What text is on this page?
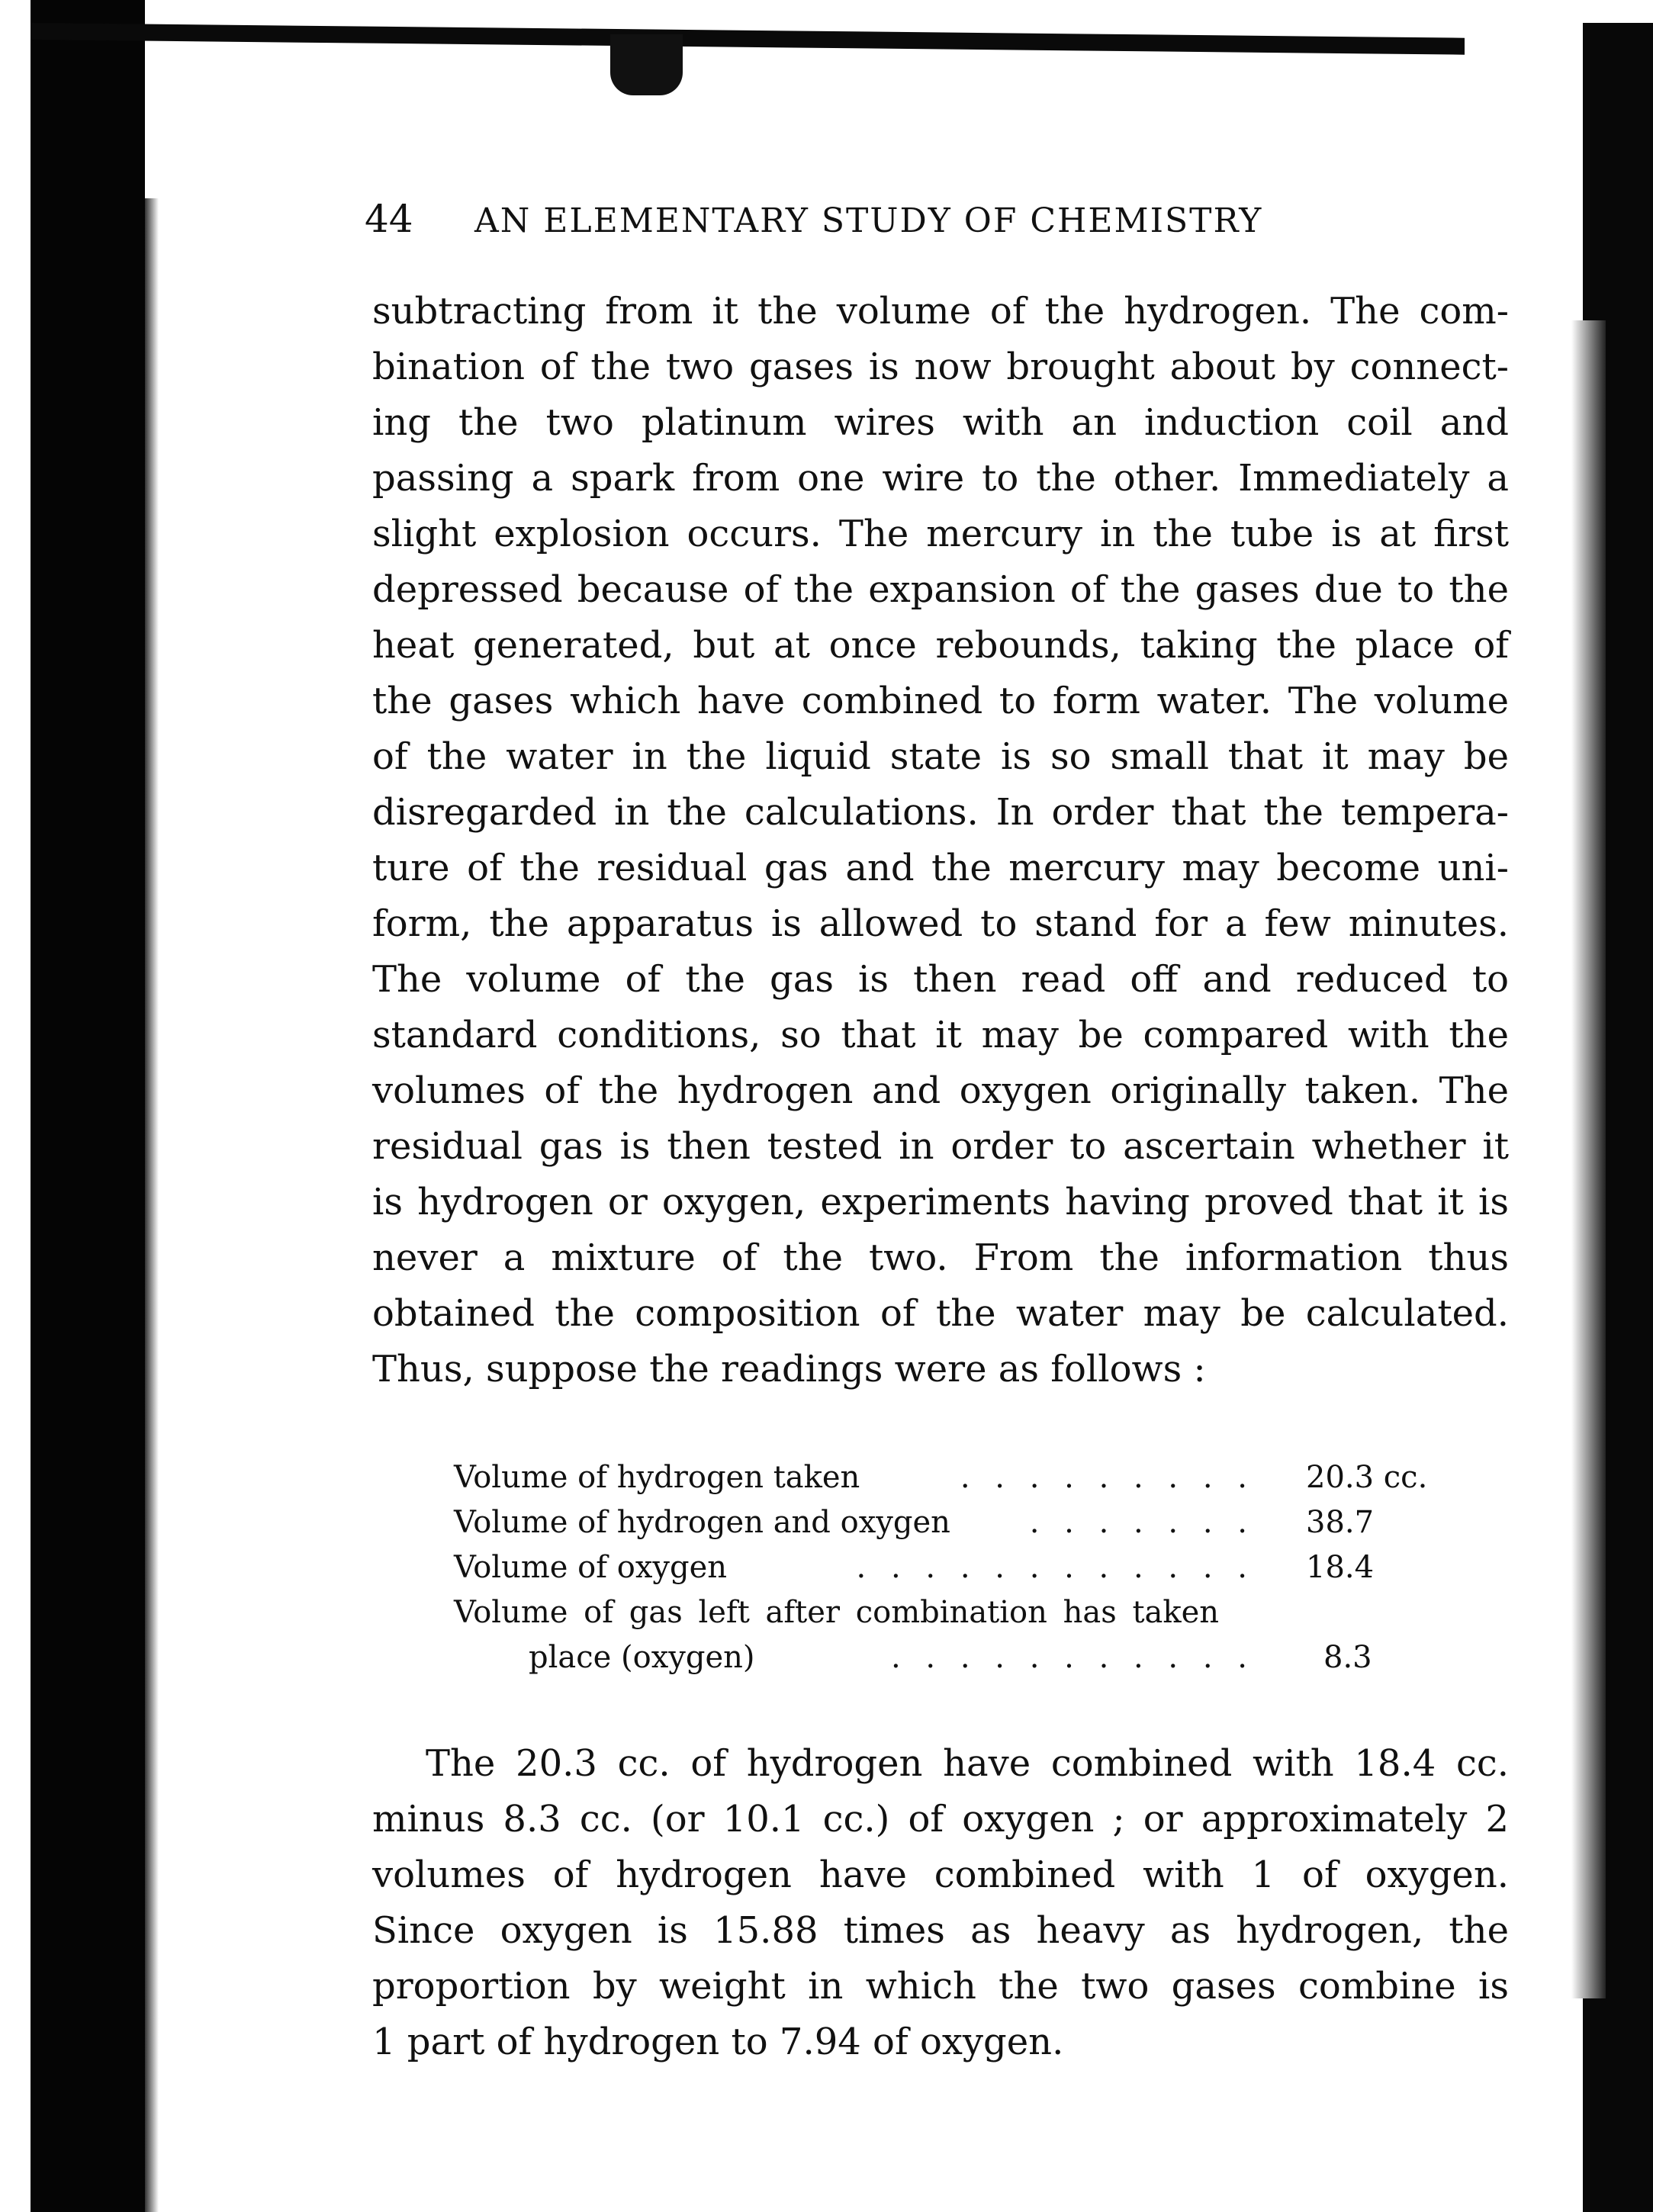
44 AN ELEMENTARY STUDY OF CHEMISTRY
subtracting from it the volume of the hydrogen. The com-
bination of the two gases is now brought about by connect-
ing the two platinum wires with an induction coil and
passing a spark from one wire to the other. Immediately a
slight explosion occurs. The mercury in the tube is at first
depressed because of the expansion of the gases due to the
heat generated, but at once rebounds, taking the place of
the gases which have combined to form water. The volume
of the water in the liquid state is so small that it may be
disregarded in the calculations. In order that the tempera-
ture of the residual gas and the mercury may become uni-
form, the apparatus is allowed to stand for a few minutes.
The volume of the gas is then read off and reduced to
standard conditions, so that it may be compared with the
volumes of the hydrogen and oxygen originally taken. The
residual gas is then tested in order to ascertain whether it
is hydrogen or oxygen, experiments having proved that it is
never a mixture of the two. From the information thus
obtained the composition of the water may be calculated.
Thus, suppose the readings were as follows :
Volume of hydrogen taken	. . . . . . . . . 20.3 cc.
Volume of hydrogen and oxygen	. . . . . . . 38.7
Volume of oxygen	. . . . . . . . . . . . 18.4
Volume of gas left after combination has taken
place (oxygen)	. . . . . . . . . . . 8.3
The 20.3 cc. of hydrogen have combined with 18.4 cc.
minus 8.3 cc. (or 10.1 cc.) of oxygen ; or approximately 2
volumes of hydrogen have combined with 1 of oxygen.
Since oxygen is 15.88 times as heavy as hydrogen, the
proportion by weight in which the two gases combine is
1 part of hydrogen to 7.94 of oxygen.
